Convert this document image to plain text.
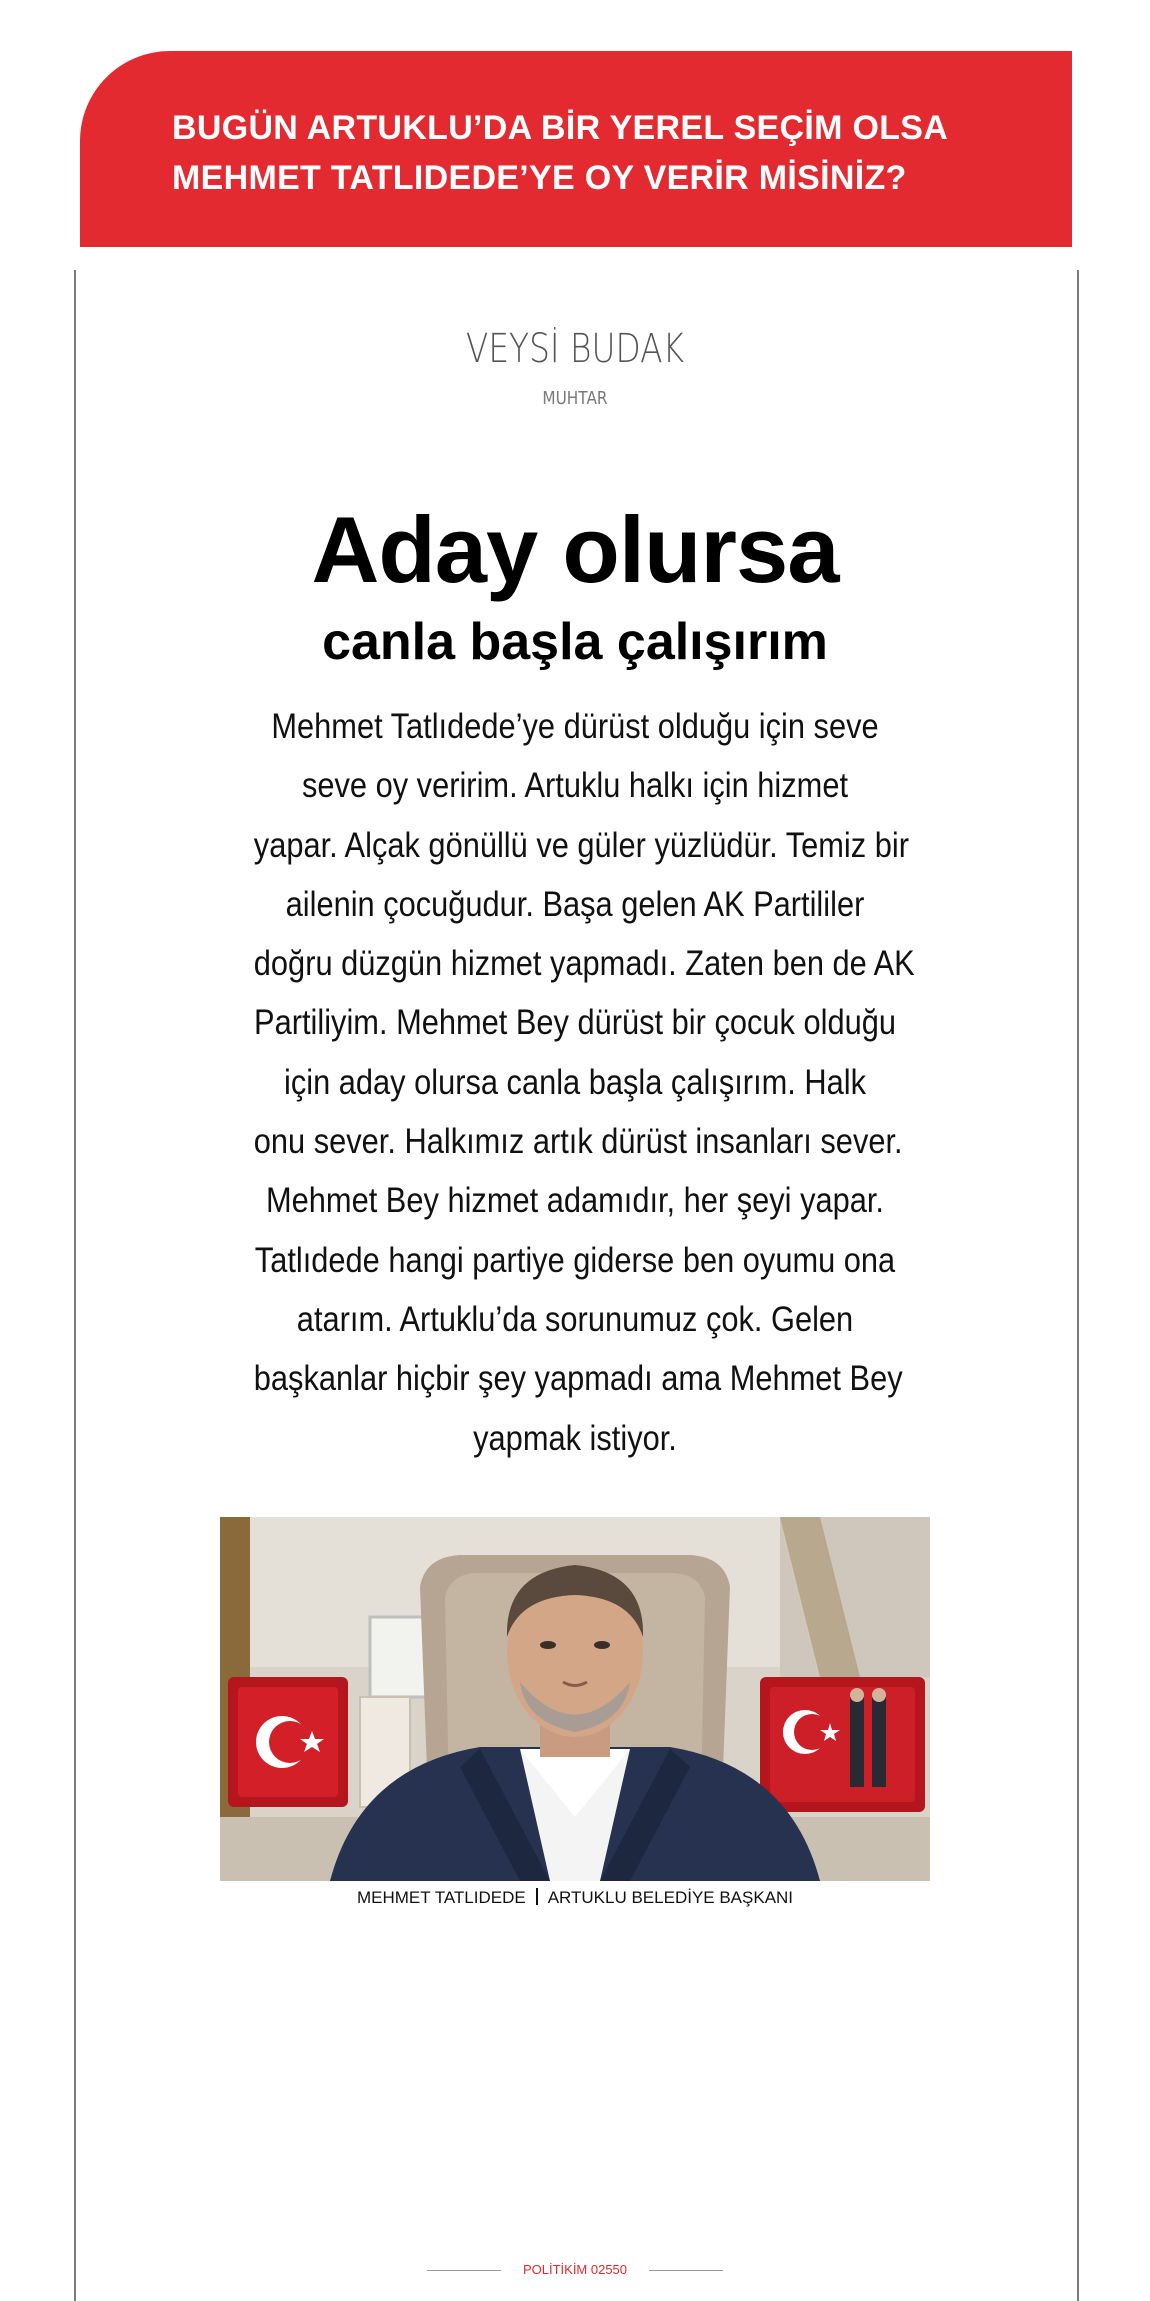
BUGÜN ARTUKLU’DA BİR YEREL SEÇİM OLSA
MEHMET TATLIDEDE’YE OY VERİR MİSİNİZ?
VEYSİ BUDAK
MUHTAR
Aday olursa
canla başla çalışırım
Mehmet Tatlıdede’ye dürüst olduğu için seve
seve oy veririm. Artuklu halkı için hizmet
yapar. Alçak gönüllü ve güler yüzlüdür. Temiz bir
ailenin çocuğudur. Başa gelen AK Partililer
doğru düzgün hizmet yapmadı. Zaten ben de AK
Partiliyim. Mehmet Bey dürüst bir çocuk olduğu
için aday olursa canla başla çalışırım. Halk
onu sever. Halkımız artık dürüst insanları sever.
Mehmet Bey hizmet adamıdır, her şeyi yapar.
Tatlıdede hangi partiye giderse ben oyumu ona
atarım. Artuklu’da sorunumuz çok. Gelen
başkanlar hiçbir şey yapmadı ama Mehmet Bey
yapmak istiyor.
MEHMET TATLIDEDE ARTUKLU BELEDİYE BAŞKANI
POLİTİKİM 02550
